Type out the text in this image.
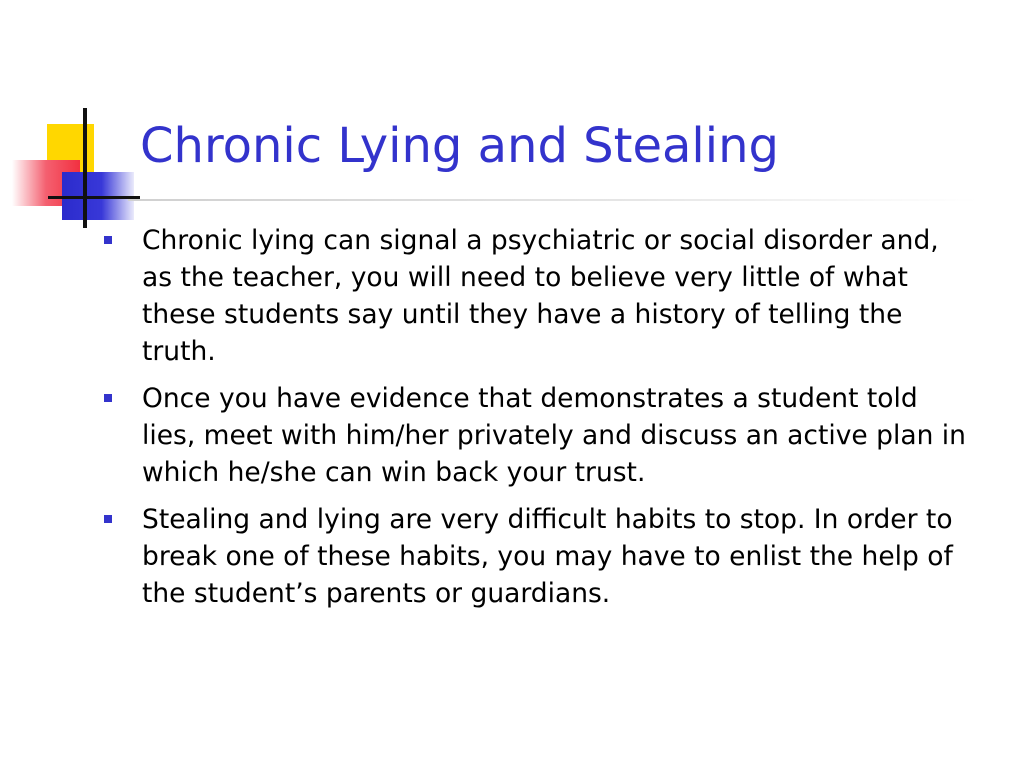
Chronic Lying and Stealing
Chronic lying can signal a psychiatric or social disorder and, as the teacher, you will need to believe very little of what these students say until they have a history of telling the truth.
Once you have evidence that demonstrates a student told lies, meet with him/her privately and discuss an active plan in which he/she can win back your trust.
Stealing and lying are very difficult habits to stop. In order to break one of these habits, you may have to enlist the help of the student’s parents or guardians.
